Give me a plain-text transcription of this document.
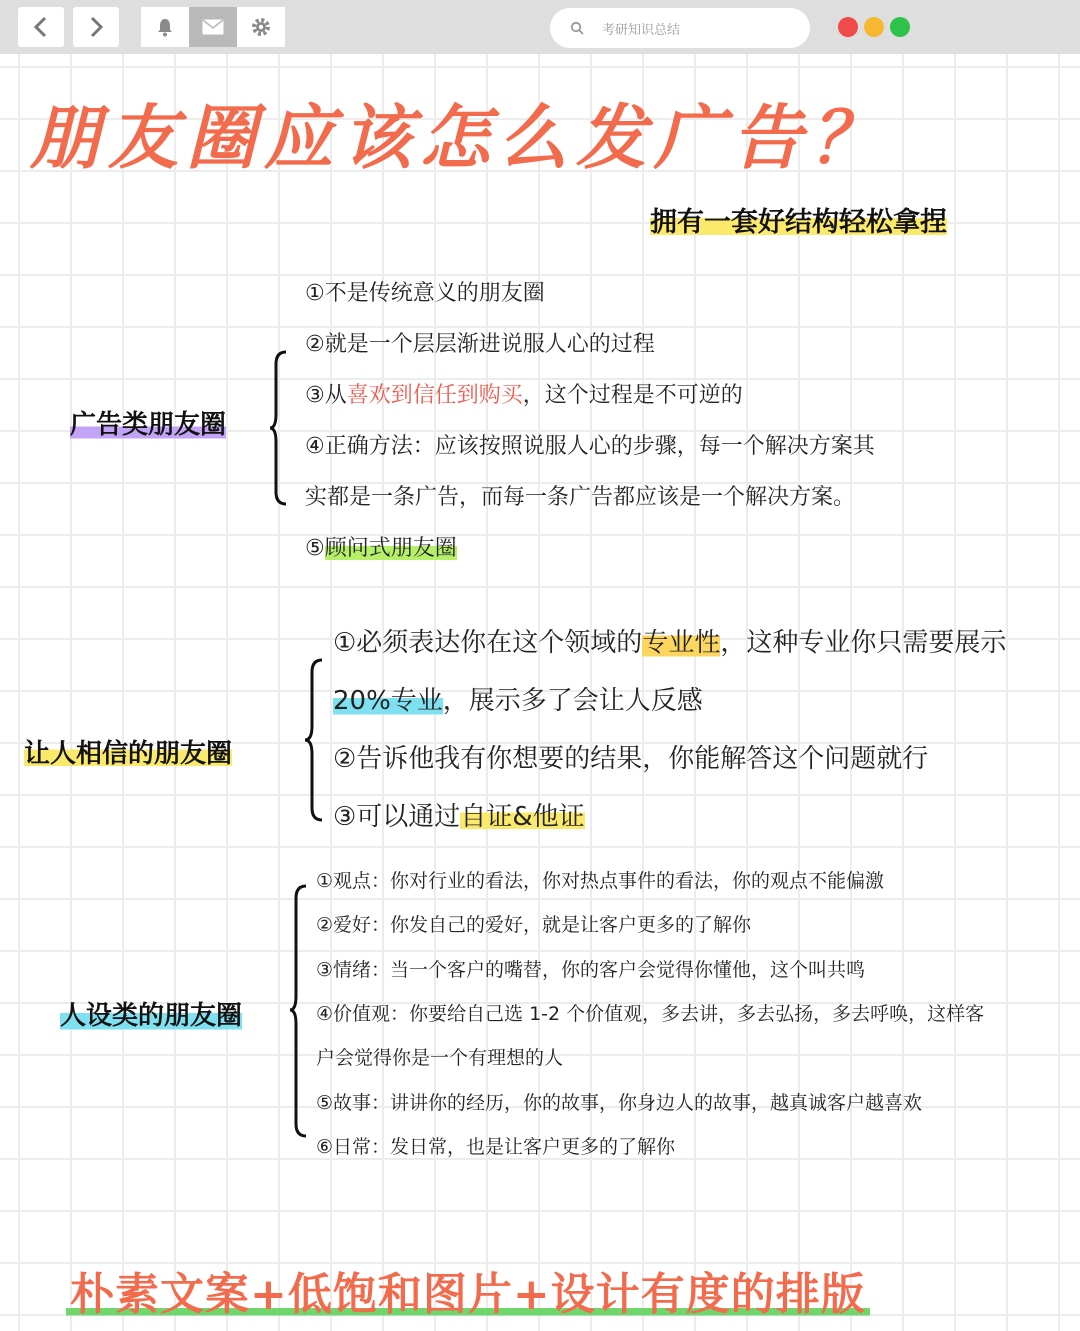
考研知识总结
朋友圈应该怎么发广告？
拥有一套好结构轻松拿捏
广告类朋友圈
①不是传统意义的朋友圈
②就是一个层层渐进说服人心的过程
③从喜欢到信任到购买，这个过程是不可逆的
④正确方法：应该按照说服人心的步骤，每一个解决方案其
实都是一条广告，而每一条广告都应该是一个解决方案。
⑤顾问式朋友圈
让人相信的朋友圈
①必须表达你在这个领域的专业性，这种专业你只需要展示
20%专业，展示多了会让人反感
②告诉他我有你想要的结果，你能解答这个问题就行
③可以通过自证&他证
人设类的朋友圈
①观点：你对行业的看法，你对热点事件的看法，你的观点不能偏激
②爱好：你发自己的爱好，就是让客户更多的了解你
③情绪：当一个客户的嘴替，你的客户会觉得你懂他，这个叫共鸣
④价值观：你要给自己选 1-2 个价值观，多去讲，多去弘扬，多去呼唤，这样客
户会觉得你是一个有理想的人
⑤故事：讲讲你的经历，你的故事，你身边人的故事，越真诚客户越喜欢
⑥日常：发日常，也是让客户更多的了解你
朴素文案+低饱和图片+设计有度的排版
